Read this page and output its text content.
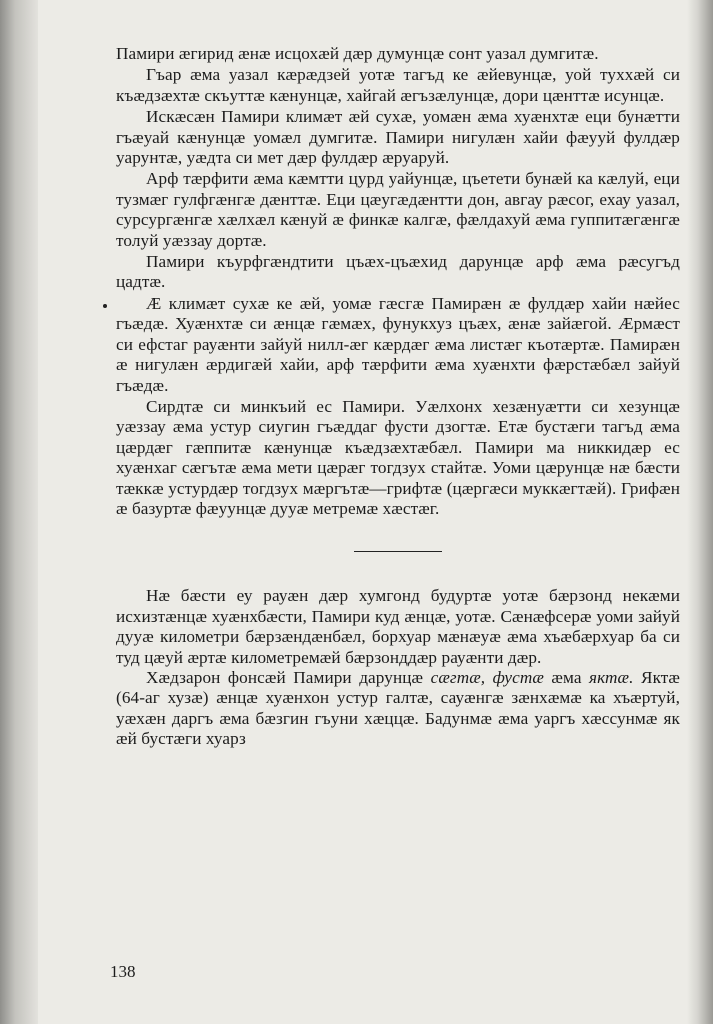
Памири æгирид æнæ исцохæй дæр думунцæ сонт уазал думгитæ.

Гъар æма уазал кæрæдзей уотæ тагъд ке æйевунцæ, уой туххæй си къæдзæхтæ скъуттæ кæнунцæ, хайгай æгъзæлунцæ, дори цæнттæ исунцæ.

Искæсæн Памири климæт æй сухæ, уомæн æма хуæнхтæ еци бунæтти гъæуай кæнунцæ уомæл думгитæ. Памири нигулæн хайи фæууй фулдæр уарунтæ, уæдта си мет дæр фулдæр æруаруй.

Арф тæрфити æма кæмтти цурд уайунцæ, цъетети бунæй ка кæлуй, еци тузмæг гулфгæнгæ дæнттæ. Еци цæугæдæнтти дон, авгау рæсог, ехау уазал, сурсургæнгæ хæлхæл кæнуй æ финкæ калгæ, фæлдахуй æма гуппитæгæнгæ толуй уæззау дортæ.

Памири къурфгæндтити цъæх-цъæхид дарунцæ арф æма рæсугъд цадтæ.

Æ климæт сухæ ке æй, уомæ гæсгæ Памирæн æ фулдæр хайи нæйес гъæдæ. Хуæнхтæ си æнцæ гæмæх, фунукхуз цъæх, æнæ зайæгой. Æрмæст си ефстаг рауæнти зайуй нилл-æг кæрдæг æма листæг къотæртæ. Памирæн æ нигулæн æрдигæй хайи, арф тæрфити æма хуæнхти фæрстæбæл зайуй гъæдæ.

Сирдтæ си минкъий ес Памири. Уæлхонх хезæнуæтти си хезунцæ уæззау æма устур сиугин гъæддаг фусти дзогтæ. Етæ бустæги тагъд æма цæрдæг гæппитæ кæнунцæ къæдзæхтæбæл. Памири ма никкидæр ес хуæнхаг сæгътæ æма мети цæрæг тогдзух стайтæ. Уоми цæрунцæ нæ бæсти тæккæ устурдæр тогдзух мæргътæ—грифтæ (цæргæси муккæгтæй). Грифæн æ базуртæ фæуунцæ дууæ метремæ хæстæг.

Нæ бæсти еу рауæн дæр хумгонд будуртæ уотæ бæрзонд некæми исхизтæнцæ хуæнхбæсти, Памири куд æнцæ, уотæ. Сæнæфсерæ уоми зайуй дууæ километри бæрзæндæнбæл, борхуар мæнæуæ æма хъæбæрхуар ба си туд цæуй æртæ километремæй бæрзонддæр рауæнти дæр.

Хæдзарон фонсæй Памири дарунцæ сæгтæ, фустæ æма яктæ. Яктæ (64-аг хузæ) æнцæ хуæнхон устур галтæ, сауæнгæ зæнхæмæ ка хъæртуй, уæхæн даргъ æма бæзгин гъуни хæццæ. Бадунмæ æма уаргъ хæссунмæ як æй бустæги хуарз

138
